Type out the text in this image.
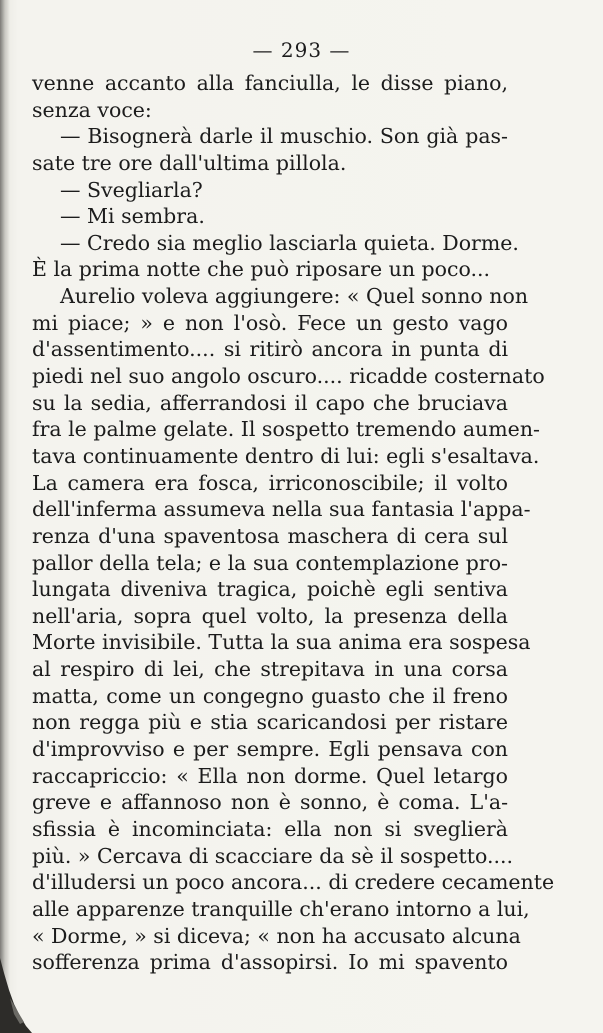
— 293 —
venne accanto alla fanciulla, le disse piano,
senza voce:
— Bisognerà darle il muschio. Son già pas-
sate tre ore dall'ultima pillola.
— Svegliarla?
— Mi sembra.
— Credo sia meglio lasciarla quieta. Dorme.
È la prima notte che può riposare un poco...
Aurelio voleva aggiungere: « Quel sonno non
mi piace; » e non l'osò. Fece un gesto vago
d'assentimento.... si ritirò ancora in punta di
piedi nel suo angolo oscuro.... ricadde costernato
su la sedia, afferrandosi il capo che bruciava
fra le palme gelate. Il sospetto tremendo aumen-
tava continuamente dentro di lui: egli s'esaltava.
La camera era fosca, irriconoscibile; il volto
dell'inferma assumeva nella sua fantasia l'appa-
renza d'una spaventosa maschera di cera sul
pallor della tela; e la sua contemplazione pro-
lungata diveniva tragica, poichè egli sentiva
nell'aria, sopra quel volto, la presenza della
Morte invisibile. Tutta la sua anima era sospesa
al respiro di lei, che strepitava in una corsa
matta, come un congegno guasto che il freno
non regga più e stia scaricandosi per ristare
d'improvviso e per sempre. Egli pensava con
raccapriccio: « Ella non dorme. Quel letargo
greve e affannoso non è sonno, è coma. L'a-
sfissia è incominciata: ella non si sveglierà
più. » Cercava di scacciare da sè il sospetto....
d'illudersi un poco ancora... di credere cecamente
alle apparenze tranquille ch'erano intorno a lui,
« Dorme, » si diceva; « non ha accusato alcuna
sofferenza prima d'assopirsi. Io mi spavento
